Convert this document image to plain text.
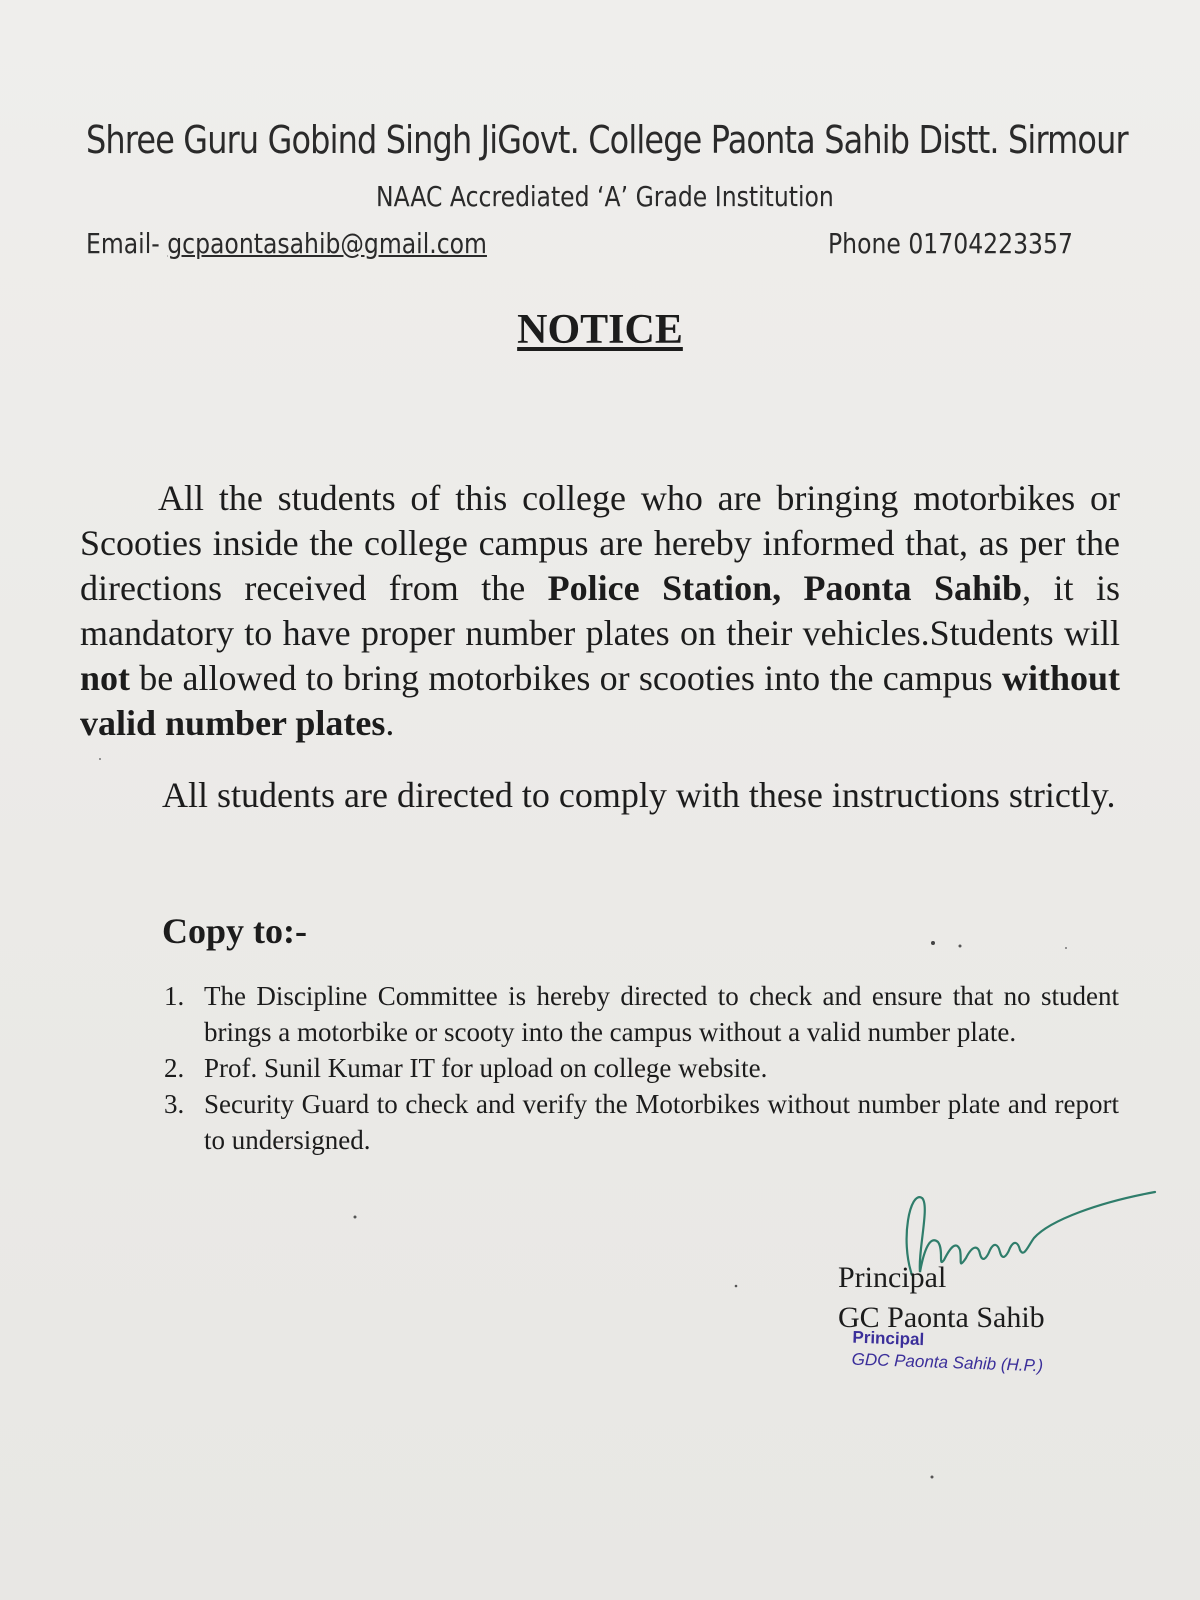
Shree Guru Gobind Singh JiGovt. College Paonta Sahib Distt. Sirmour
NAAC Accrediated ‘A’ Grade Institution
Email- gcpaontasahib@gmail.com	Phone 01704223357
NOTICE
All the students of this college who are bringing motorbikes or Scooties inside the college campus are hereby informed that, as per the directions received from the Police Station, Paonta Sahib, it is mandatory to have proper number plates on their vehicles.Students will not be allowed to bring motorbikes or scooties into the campus without valid number plates.
All students are directed to comply with these instructions strictly.
Copy to:-
1. The Discipline Committee is hereby directed to check and ensure that no student brings a motorbike or scooty into the campus without a valid number plate.
2. Prof. Sunil Kumar IT for upload on college website.
3. Security Guard to check and verify the Motorbikes without number plate and report to undersigned.
Principal
GC Paonta Sahib
Principal
GDC Paonta Sahib (H.P.)
